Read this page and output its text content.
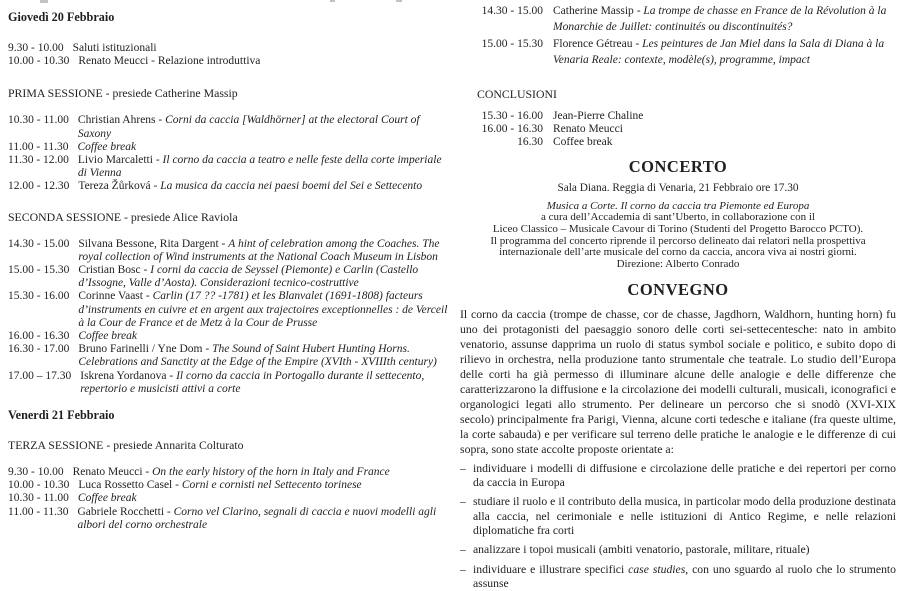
Giovedì 20 Febbraio
9.30 - 10.00 Saluti istituzionali
10.00 - 10.30 Renato Meucci - Relazione introduttiva
PRIMA SESSIONE - presiede Catherine Massip
10.30 - 11.00 Christian Ahrens - Corni da caccia [Waldhörner] at the electoral Court of Saxony
11.00 - 11.30 Coffee break
11.30 - 12.00 Livio Marcaletti - Il corno da caccia a teatro e nelle feste della corte imperiale di Vienna
12.00 - 12.30 Tereza Žůrková - La musica da caccia nei paesi boemi del Sei e Settecento
SECONDA SESSIONE - presiede Alice Raviola
14.30 - 15.00 Silvana Bessone, Rita Dargent - A hint of celebration among the Coaches. The royal collection of Wind instruments at the National Coach Museum in Lisbon
15.00 - 15.30 Cristian Bosc - I corni da caccia de Seyssel (Piemonte) e Carlin (Castello d’Issogne, Valle d’Aosta). Considerazioni tecnico-costruttive
15.30 - 16.00 Corinne Vaast - Carlin (17 ?? -1781) et les Blanvalet (1691-1808) facteurs d’instruments en cuivre et en argent aux trajectoires exceptionnelles : de Verceil à la Cour de France et de Metz à la Cour de Prusse
16.00 - 16.30 Coffee break
16.30 - 17.00 Bruno Farinelli / Yne Dom - The Sound of Saint Hubert Hunting Horns. Celebrations and Sanctity at the Edge of the Empire (XVIth - XVIIIth century)
17.00 – 17.30 Iskrena Yordanova - Il corno da caccia in Portogallo durante il settecento, repertorio e musicisti attivi a corte
Venerdì 21 Febbraio
TERZA SESSIONE - presiede Annarita Colturato
9.30 - 10.00 Renato Meucci - On the early history of the horn in Italy and France
10.00 - 10.30 Luca Rossetto Casel - Corni e cornisti nel Settecento torinese
10.30 - 11.00 Coffee break
11.00 - 11.30 Gabriele Rocchetti - Corno vel Clarino, segnali di caccia e nuovi modelli agli albori del corno orchestrale
14.30 - 15.00 Catherine Massip - La trompe de chasse en France de la Révolution à la Monarchie de Juillet: continuités ou discontinuités?
15.00 - 15.30 Florence Gétreau - Les peintures de Jan Miel dans la Sala di Diana à la Venaria Reale: contexte, modèle(s), programme, impact
CONCLUSIONI
15.30 - 16.00 Jean-Pierre Chaline
16.00 - 16.30 Renato Meucci
16.30 Coffee break
CONCERTO
Sala Diana. Reggia di Venaria, 21 Febbraio ore 17.30
Musica a Corte. Il corno da caccia tra Piemonte ed Europa
a cura dell’Accademia di sant’Uberto, in collaborazione con il
Liceo Classico – Musicale Cavour di Torino (Studenti del Progetto Barocco PCTO).
Il programma del concerto riprende il percorso delineato dai relatori nella prospettiva
internazionale dell’arte musicale del corno da caccia, ancora viva ai nostri giorni.
Direzione: Alberto Conrado
CONVEGNO
Il corno da caccia (trompe de chasse, cor de chasse, Jagdhorn, Waldhorn, hunting horn) fu uno dei protagonisti del paesaggio sonoro delle corti sei-settecentesche: nato in ambito venatorio, assunse dapprima un ruolo di status symbol sociale e politico, e subito dopo di rilievo in orchestra, nella produzione tanto strumentale che teatrale. Lo studio dell’Europa delle corti ha già permesso di illuminare alcune delle analogie e delle differenze che caratterizzarono la diffusione e la circolazione dei modelli culturali, musicali, iconografici e organologici legati allo strumento. Per delineare un percorso che si snodò (XVI-XIX secolo) principalmente fra Parigi, Vienna, alcune corti tedesche e italiane (fra queste ultime, la corte sabauda) e per verificare sul terreno delle pratiche le analogie e le differenze di cui sopra, sono state accolte proposte orientate a:
– individuare i modelli di diffusione e circolazione delle pratiche e dei repertori per corno da caccia in Europa
– studiare il ruolo e il contributo della musica, in particolar modo della produzione destinata alla caccia, nel cerimoniale e nelle istituzioni di Antico Regime, e nelle relazioni diplomatiche fra corti
– analizzare i topoi musicali (ambiti venatorio, pastorale, militare, rituale)
– individuare e illustrare specifici case studies, con uno sguardo al ruolo che lo strumento assunse
